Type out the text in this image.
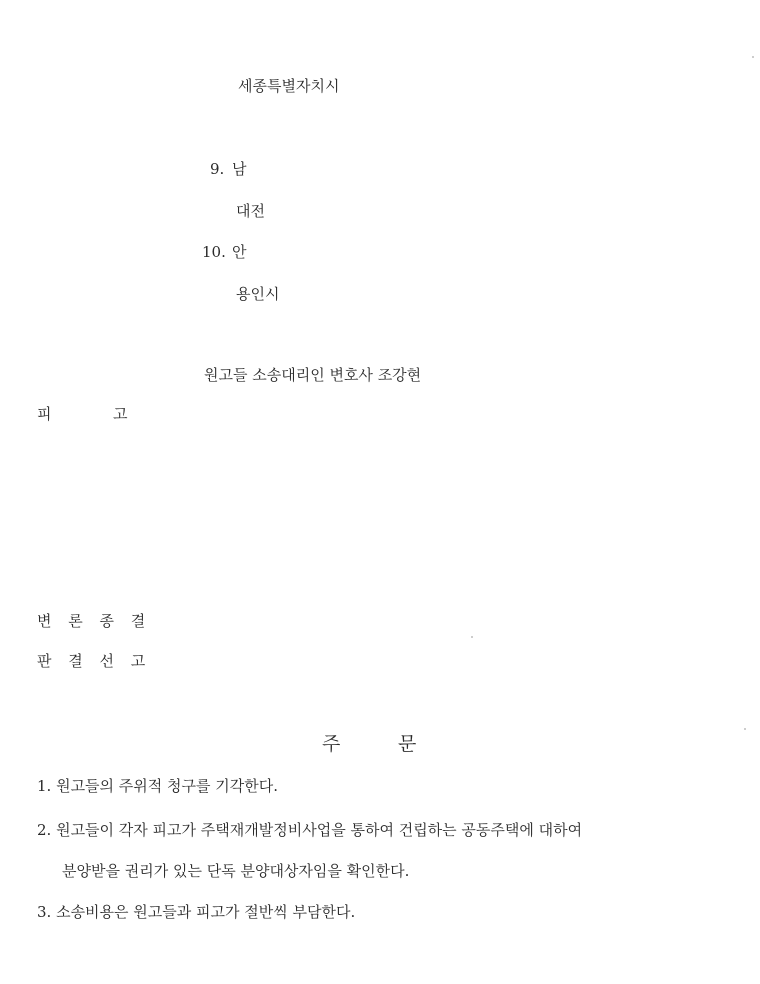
세종특별자치시
9. 남
대전
10. 안
용인시
원고들 소송대리인 변호사 조강현
피	고
변 론 종 결
판 결 선 고
주	문
1. 원고들의 주위적 청구를 기각한다.
2. 원고들이 각자 피고가 주택재개발정비사업을 통하여 건립하는 공동주택에 대하여
분양받을 권리가 있는 단독 분양대상자임을 확인한다.
3. 소송비용은 원고들과 피고가 절반씩 부담한다.
